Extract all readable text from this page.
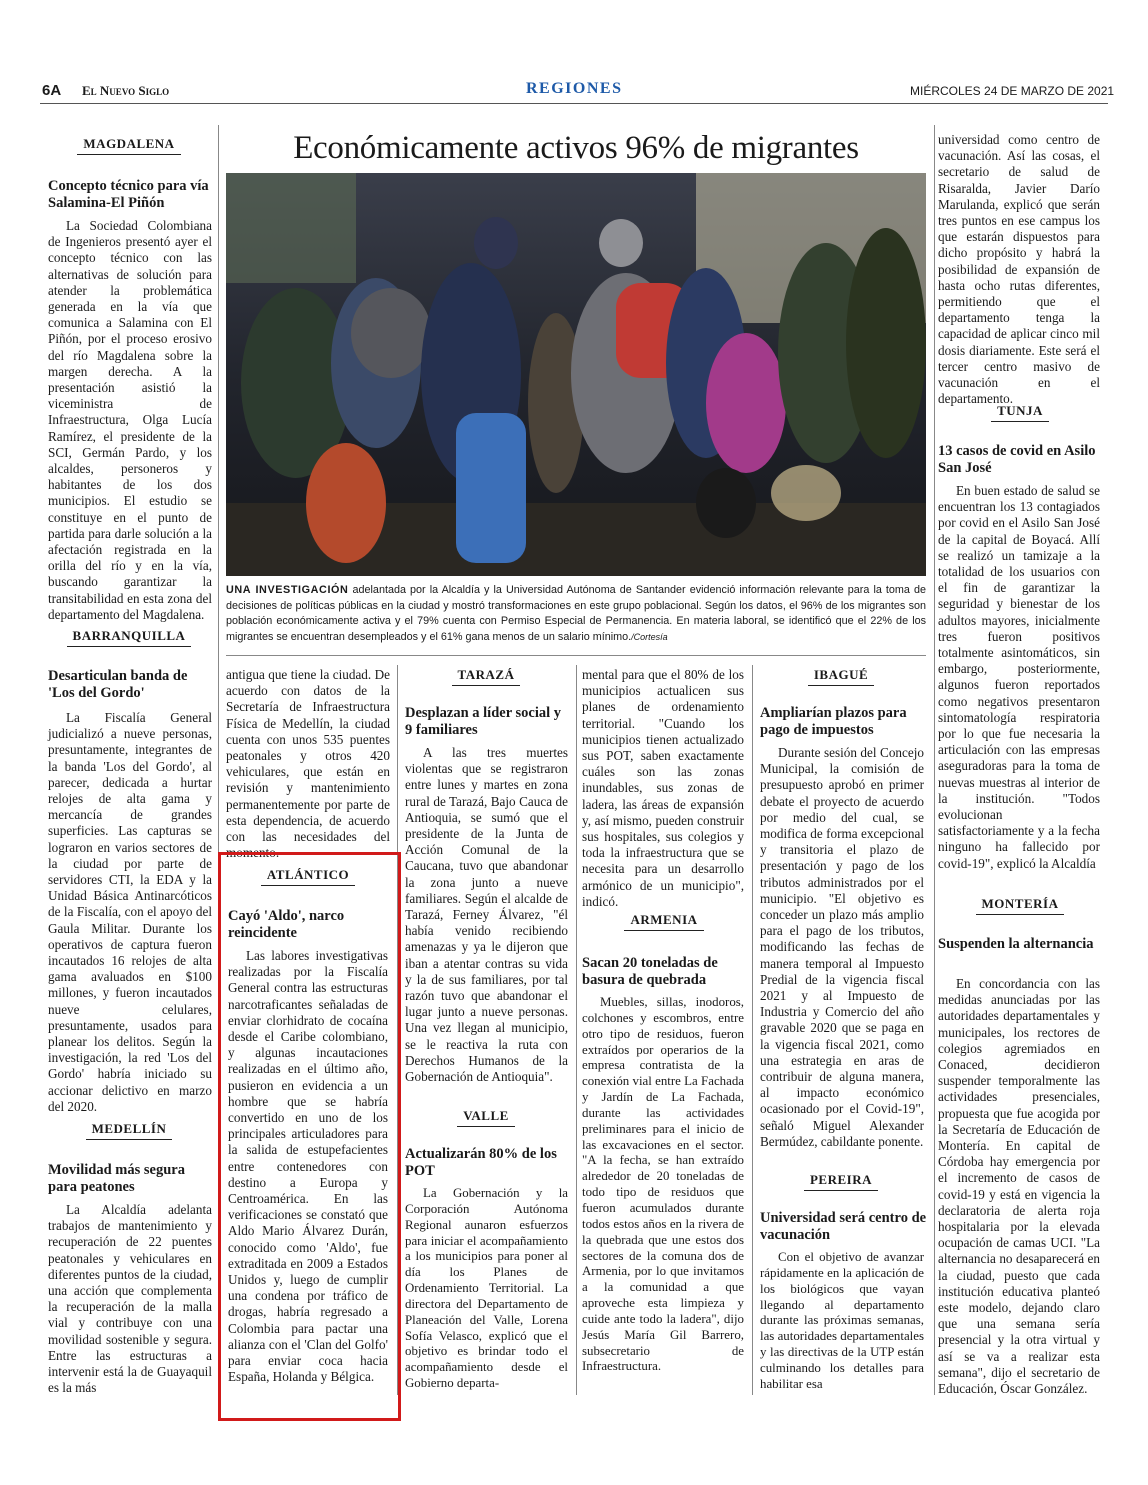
6A El Nuevo Siglo	REGIONES	MIÉRCOLES 24 DE MARZO DE 2021
MAGDALENA
Concepto técnico para vía Salamina-El Piñón

La Sociedad Colombiana de Ingenieros presentó ayer el concepto técnico con las alternativas de solución para atender la problemática generada en la vía que comunica a Salamina con El Piñón, por el proceso erosivo del río Magdalena sobre la margen derecha. A la presentación asistió la viceministra de Infraestructura, Olga Lucía Ramírez, el presidente de la SCI, Germán Pardo, y los alcaldes, personeros y habitantes de los dos municipios. El estudio se constituye en el punto de partida para darle solución a la afectación registrada en la orilla del río y en la vía, buscando garantizar la transitabilidad en esta zona del departamento del Magdalena.

BARRANQUILLA
Desarticulan banda de 'Los del Gordo'

La Fiscalía General judicializó a nueve personas, presuntamente, integrantes de la banda 'Los del Gordo', al parecer, dedicada a hurtar relojes de alta gama y mercancía de grandes superficies. Las capturas se lograron en varios sectores de la ciudad por parte de servidores CTI, la EDA y la Unidad Básica Antinarcóticos de la Fiscalía, con el apoyo del Gaula Militar. Durante los operativos de captura fueron incautados 16 relojes de alta gama avaluados en $100 millones, y fueron incautados nueve celulares, presuntamente, usados para planear los delitos. Según la investigación, la red 'Los del Gordo' habría iniciado su accionar delictivo en marzo del 2020.

MEDELLÍN
Movilidad más segura para peatones

La Alcaldía adelanta trabajos de mantenimiento y recuperación de 22 puentes peatonales y vehiculares en diferentes puntos de la ciudad, una acción que complementa la recuperación de la malla vial y contribuye con una movilidad sostenible y segura. Entre las estructuras a intervenir está la de Guayaquil es la más

Económicamente activos 96% de migrantes
UNA INVESTIGACIÓN adelantada por la Alcaldía y la Universidad Autónoma de Santander evidenció información relevante para la toma de decisiones de políticas públicas en la ciudad y mostró transformaciones en este grupo poblacional. Según los datos, el 96% de los migrantes son población económicamente activa y el 79% cuenta con Permiso Especial de Permanencia. En materia laboral, se identificó que el 22% de los migrantes se encuentran desempleados y el 61% gana menos de un salario mínimo./Cortesía

antigua que tiene la ciudad. De acuerdo con datos de la Secretaría de Infraestructura Física de Medellín, la ciudad cuenta con unos 535 puentes peatonales y otros 420 vehiculares, que están en revisión y mantenimiento permanentemente por parte de esta dependencia, de acuerdo con las necesidades del momento.

ATLÁNTICO
Cayó 'Aldo', narco reincidente

Las labores investigativas realizadas por la Fiscalía General contra las estructuras narcotraficantes señaladas de enviar clorhidrato de cocaína desde el Caribe colombiano, y algunas incautaciones realizadas en el último año, pusieron en evidencia a un hombre que se habría convertido en uno de los principales articuladores para la salida de estupefacientes entre contenedores con destino a Europa y Centroamérica. En las verificaciones se constató que Aldo Mario Álvarez Durán, conocido como 'Aldo', fue extraditada en 2009 a Estados Unidos y, luego de cumplir una condena por tráfico de drogas, habría regresado a Colombia para pactar una alianza con el 'Clan del Golfo' para enviar coca hacia España, Holanda y Bélgica.

TARAZÁ
Desplazan a líder social y 9 familiares

A las tres muertes violentas que se registraron entre lunes y martes en zona rural de Tarazá, Bajo Cauca de Antioquia, se sumó que el presidente de la Junta de Acción Comunal de la Caucana, tuvo que abandonar la zona junto a nueve familiares. Según el alcalde de Tarazá, Ferney Álvarez, "él había venido recibiendo amenazas y ya le dijeron que iban a atentar contras su vida y la de sus familiares, por tal razón tuvo que abandonar el lugar junto a nueve personas. Una vez llegan al municipio, se le reactiva la ruta con Derechos Humanos de la Gobernación de Antioquia".

VALLE
Actualizarán 80% de los POT

La Gobernación y la Corporación Autónoma Regional aunaron esfuerzos para iniciar el acompañamiento a los municipios para poner al día los Planes de Ordenamiento Territorial. La directora del Departamento de Planeación del Valle, Lorena Sofía Velasco, explicó que el objetivo es brindar todo el acompañamiento desde el Gobierno departa-

mental para que el 80% de los municipios actualicen sus planes de ordenamiento territorial. "Cuando los municipios tienen actualizado sus POT, saben exactamente cuáles son las zonas inundables, sus zonas de ladera, las áreas de expansión y, así mismo, pueden construir sus hospitales, sus colegios y toda la infraestructura que se necesita para un desarrollo armónico de un municipio", indicó.

ARMENIA
Sacan 20 toneladas de basura de quebrada

Muebles, sillas, inodoros, colchones y escombros, entre otro tipo de residuos, fueron extraídos por operarios de la empresa contratista de la conexión vial entre La Fachada y Jardín de La Fachada, durante las actividades preliminares para el inicio de las excavaciones en el sector. "A la fecha, se han extraído alrededor de 20 toneladas de todo tipo de residuos que fueron acumulados durante todos estos años en la rivera de la quebrada que une estos dos sectores de la comuna dos de Armenia, por lo que invitamos a la comunidad a que aproveche esta limpieza y cuide ante todo la ladera", dijo Jesús María Gil Barrero, subsecretario de Infraestructura.

IBAGUÉ
Ampliarían plazos para pago de impuestos

Durante sesión del Concejo Municipal, la comisión de presupuesto aprobó en primer debate el proyecto de acuerdo por medio del cual, se modifica de forma excepcional y transitoria el plazo de presentación y pago de los tributos administrados por el municipio. "El objetivo es conceder un plazo más amplio para el pago de los tributos, modificando las fechas de manera temporal al Impuesto Predial de la vigencia fiscal 2021 y al Impuesto de Industria y Comercio del año gravable 2020 que se paga en la vigencia fiscal 2021, como una estrategia en aras de contribuir de alguna manera, al impacto económico ocasionado por el Covid-19", señaló Miguel Alexander Bermúdez, cabildante ponente.

PEREIRA
Universidad será centro de vacunación

Con el objetivo de avanzar rápidamente en la aplicación de los biológicos que vayan llegando al departamento durante las próximas semanas, las autoridades departamentales y las directivas de la UTP están culminando los detalles para habilitar esa

universidad como centro de vacunación. Así las cosas, el secretario de salud de Risaralda, Javier Darío Marulanda, explicó que serán tres puntos en ese campus los que estarán dispuestos para dicho propósito y habrá la posibilidad de expansión de hasta ocho rutas diferentes, permitiendo que el departamento tenga la capacidad de aplicar cinco mil dosis diariamente. Este será el tercer centro masivo de vacunación en el departamento.

TUNJA
13 casos de covid en Asilo San José

En buen estado de salud se encuentran los 13 contagiados por covid en el Asilo San José de la capital de Boyacá. Allí se realizó un tamizaje a la totalidad de los usuarios con el fin de garantizar la seguridad y bienestar de los adultos mayores, inicialmente tres fueron positivos totalmente asintomáticos, sin embargo, posteriormente, algunos fueron reportados como negativos presentaron sintomatología respiratoria por lo que fue necesaria la articulación con las empresas aseguradoras para la toma de nuevas muestras al interior de la institución. "Todos evolucionan satisfactoriamente y a la fecha ninguno ha fallecido por covid-19", explicó la Alcaldía

MONTERÍA
Suspenden la alternancia

En concordancia con las medidas anunciadas por las autoridades departamentales y municipales, los rectores de colegios agremiados en Conaced, decidieron suspender temporalmente las actividades presenciales, propuesta que fue acogida por la Secretaría de Educación de Montería. En capital de Córdoba hay emergencia por el incremento de casos de covid-19 y está en vigencia la declaratoria de alerta roja hospitalaria por la elevada ocupación de camas UCI. "La alternancia no desaparecerá en la ciudad, puesto que cada institución educativa planteó este modelo, dejando claro que una semana sería presencial y la otra virtual y así se va a realizar esta semana", dijo el secretario de Educación, Óscar González.
